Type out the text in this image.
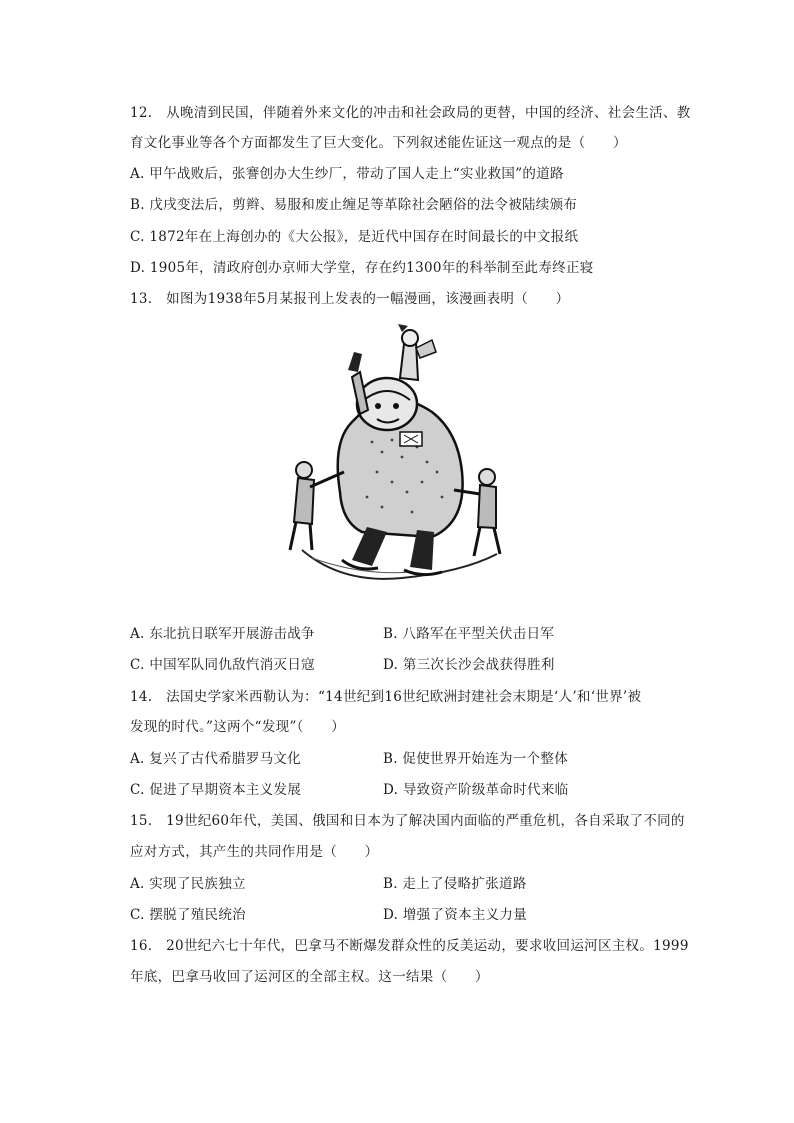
12.　从晚清到民国，伴随着外来文化的冲击和社会政局的更替，中国的经济、社会生活、教
育文化事业等各个方面都发生了巨大变化。下列叙述能佐证这一观点的是（　　）
A. 甲午战败后，张謇创办大生纱厂，带动了国人走上“实业救国”的道路
B. 戊戌变法后，剪辫、易服和废止缠足等革除社会陋俗的法令被陆续颁布
C. 1872年在上海创办的《大公报》，是近代中国存在时间最长的中文报纸
D. 1905年，清政府创办京师大学堂，存在约1300年的科举制至此寿终正寝
13.　如图为1938年5月某报刊上发表的一幅漫画，该漫画表明（　　）
A. 东北抗日联军开展游击战争	B. 八路军在平型关伏击日军
C. 中国军队同仇敌忾消灭日寇	D. 第三次长沙会战获得胜利
14.　法国史学家米西勒认为：“14世纪到16世纪欧洲封建社会末期是‘人’和‘世界’被
发现的时代。”这两个“发现”（　　）
A. 复兴了古代希腊罗马文化	B. 促使世界开始连为一个整体
C. 促进了早期资本主义发展	D. 导致资产阶级革命时代来临
15.　19世纪60年代，美国、俄国和日本为了解决国内面临的严重危机，各自采取了不同的
应对方式，其产生的共同作用是（　　）
A. 实现了民族独立	B. 走上了侵略扩张道路
C. 摆脱了殖民统治	D. 增强了资本主义力量
16.　20世纪六七十年代，巴拿马不断爆发群众性的反美运动，要求收回运河区主权。1999
年底，巴拿马收回了运河区的全部主权。这一结果（　　）
